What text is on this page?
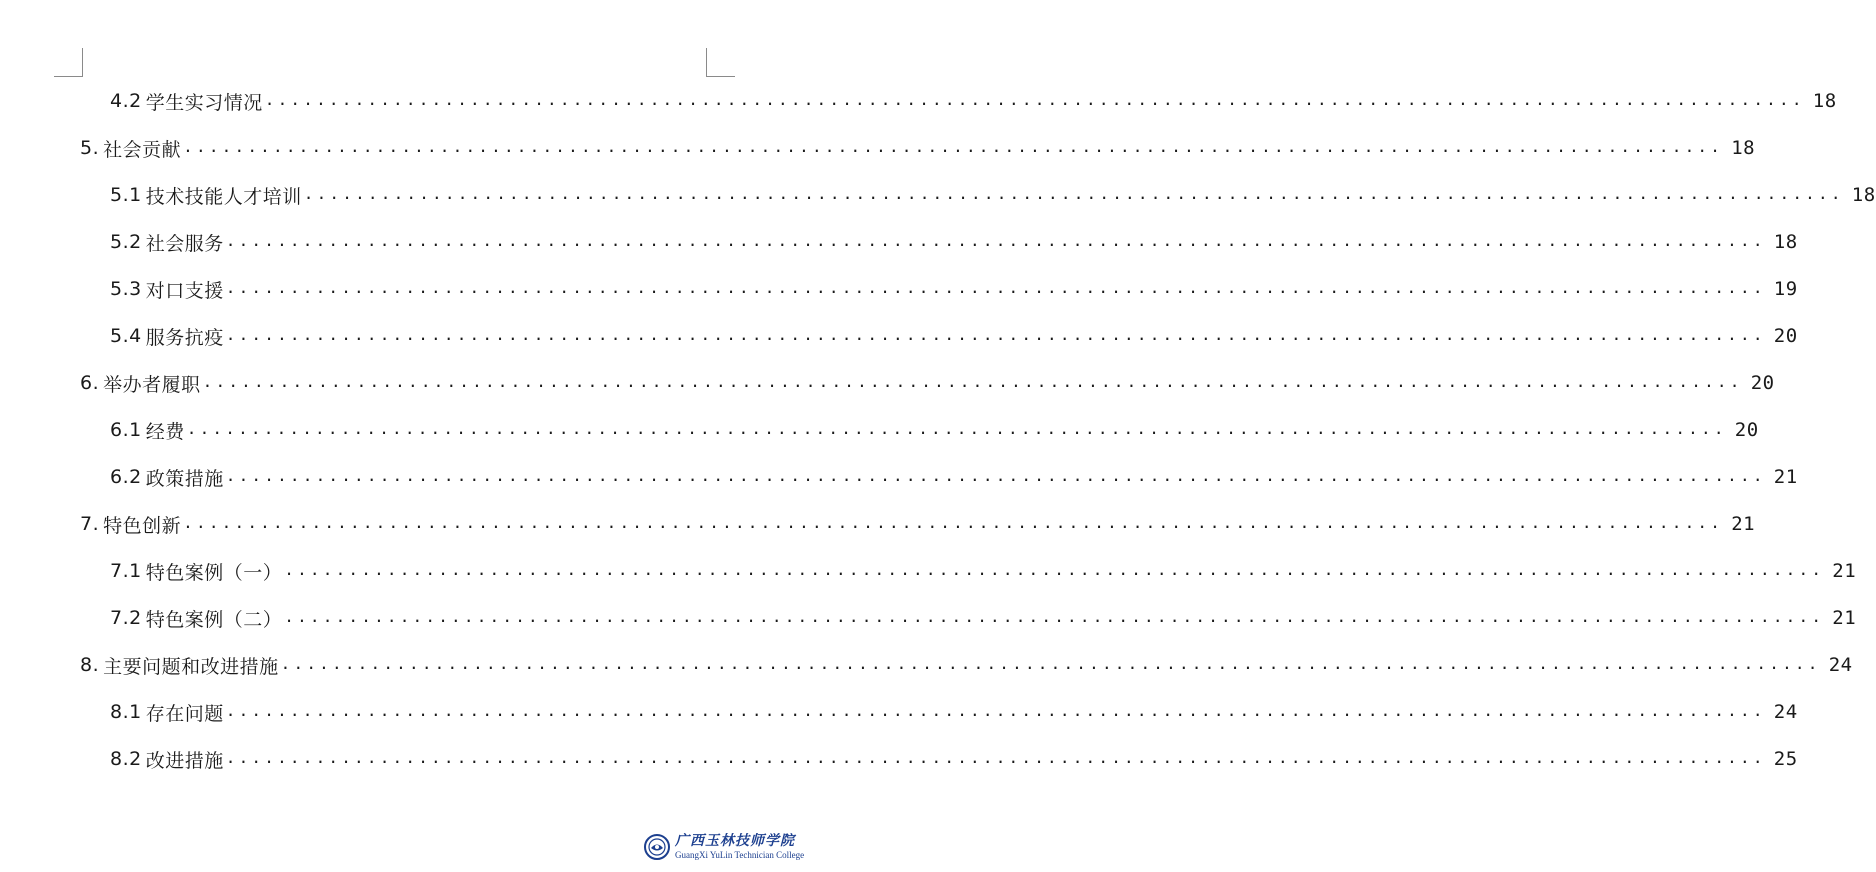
4.2 学生实习情况 ........................................................................................................................ 18
5. 社会贡献 ........................................................................................................................ 18
5.1 技术技能人才培训 ........................................................................................................................ 18
5.2 社会服务 ........................................................................................................................ 18
5.3 对口支援 ........................................................................................................................ 19
5.4 服务抗疫 ........................................................................................................................ 20
6. 举办者履职 ........................................................................................................................ 20
6.1 经费 ........................................................................................................................ 20
6.2 政策措施 ........................................................................................................................ 21
7. 特色创新 ........................................................................................................................ 21
7.1 特色案例（一） ........................................................................................................................ 21
7.2 特色案例（二） ........................................................................................................................ 21
8. 主要问题和改进措施 ........................................................................................................................ 24
8.1 存在问题 ........................................................................................................................ 24
8.2 改进措施 ........................................................................................................................ 25
广西玉林技师学院
GuangXi YuLin Technician College
